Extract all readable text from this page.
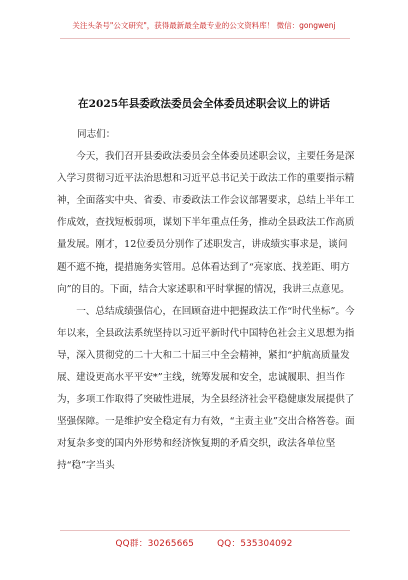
关注头条号"公文研究"，获得最新最全最专业的公文资料库！ 微信：gongwenj
在2025年县委政法委员会全体委员述职会议上的讲话

同志们：

今天，我们召开县委政法委员会全体委员述职会议，主要任务是深入学习贯彻习近平法治思想和习近平总书记关于政法工作的重要指示精神，全面落实中央、省委、市委政法工作会议部署要求，总结上半年工作成效，查找短板弱项，谋划下半年重点任务，推动全县政法工作高质量发展。刚才，12位委员分别作了述职发言，讲成绩实事求是，谈问题不遮不掩，提措施务实管用。总体看达到了“亮家底、找差距、明方向”的目的。下面，结合大家述职和平时掌握的情况，我讲三点意见。

一、总结成绩强信心，在回顾奋进中把握政法工作“时代坐标”。今年以来，全县政法系统坚持以习近平新时代中国特色社会主义思想为指导，深入贯彻党的二十大和二十届三中全会精神，紧扣“护航高质量发展、建设更高水平平安*”主线，统筹发展和安全，忠诚履职、担当作为，多项工作取得了突破性进展，为全县经济社会平稳健康发展提供了坚强保障。一是维护安全稳定有力有效，“主责主业”交出合格答卷。面对复杂多变的国内外形势和经济恢复期的矛盾交织，政法各单位坚持“稳”字当头

QQ群：30265665	QQ：535304092
